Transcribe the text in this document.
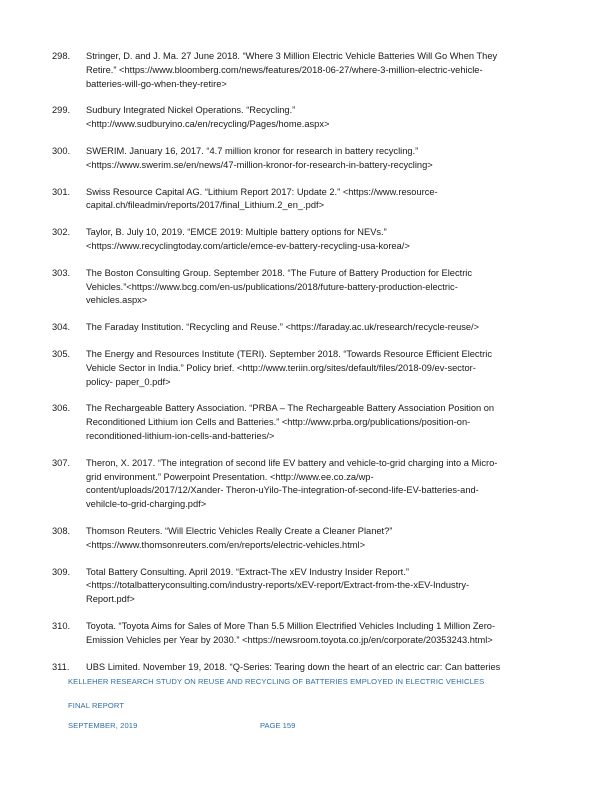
298.	Stringer, D. and J. Ma. 27 June 2018. “Where 3 Million Electric Vehicle Batteries Will Go When They
Retire.” <https://www.bloomberg.com/news/features/2018-06-27/where-3-million-electric-vehicle-
batteries-will-go-when-they-retire>
299.	Sudbury Integrated Nickel Operations. “Recycling.”
<http://www.sudburyino.ca/en/recycling/Pages/home.aspx>
300.	SWERIM. January 16, 2017. “4.7 million kronor for research in battery recycling.”
<https://www.swerim.se/en/news/47-million-kronor-for-research-in-battery-recycling>
301.	Swiss Resource Capital AG. “Lithium Report 2017: Update 2.” <https://www.resource-
capital.ch/fileadmin/reports/2017/final_Lithium.2_en_.pdf>
302.	Taylor, B. July 10, 2019. “EMCE 2019: Multiple battery options for NEVs.”
<https://www.recyclingtoday.com/article/emce-ev-battery-recycling-usa-korea/>
303.	The Boston Consulting Group. September 2018. “The Future of Battery Production for Electric
Vehicles.”<https://www.bcg.com/en-us/publications/2018/future-battery-production-electric-
vehicles.aspx>
304.	The Faraday Institution. “Recycling and Reuse.” <https://faraday.ac.uk/research/recycle-reuse/>
305.	The Energy and Resources Institute (TERI). September 2018. “Towards Resource Efficient Electric
Vehicle Sector in India.” Policy brief. <http://www.teriin.org/sites/default/files/2018-09/ev-sector-
policy- paper_0.pdf>
306.	The Rechargeable Battery Association. “PRBA – The Rechargeable Battery Association Position on
Reconditioned Lithium ion Cells and Batteries.” <http://www.prba.org/publications/position-on-
reconditioned-lithium-ion-cells-and-batteries/>
307.	Theron, X. 2017. “The integration of second life EV battery and vehicle-to-grid charging into a Micro-
grid environment.” Powerpoint Presentation. <http://www.ee.co.za/wp-
content/uploads/2017/12/Xander- Theron-uYilo-The-integration-of-second-life-EV-batteries-and-
vehilcle-to-grid-charging.pdf>
308.	Thomson Reuters. “Will Electric Vehicles Really Create a Cleaner Planet?”
<https://www.thomsonreuters.com/en/reports/electric-vehicles.html>
309.	Total Battery Consulting. April 2019. “Extract-The xEV Industry Insider Report.”
<https://totalbatteryconsulting.com/industry-reports/xEV-report/Extract-from-the-xEV-Industry-
Report.pdf>
310.	Toyota. “Toyota Aims for Sales of More Than 5.5 Million Electrified Vehicles Including 1 Million Zero-
Emission Vehicles per Year by 2030.” <https://newsroom.toyota.co.jp/en/corporate/20353243.html>
311.	UBS Limited. November 19, 2018. “Q-Series: Tearing down the heart of an electric car: Can batteries
KELLEHER RESEARCH STUDY ON REUSE AND RECYCLING OF BATTERIES EMPLOYED IN ELECTRIC VEHICLES
FINAL REPORT
SEPTEMBER, 2019	PAGE 159
